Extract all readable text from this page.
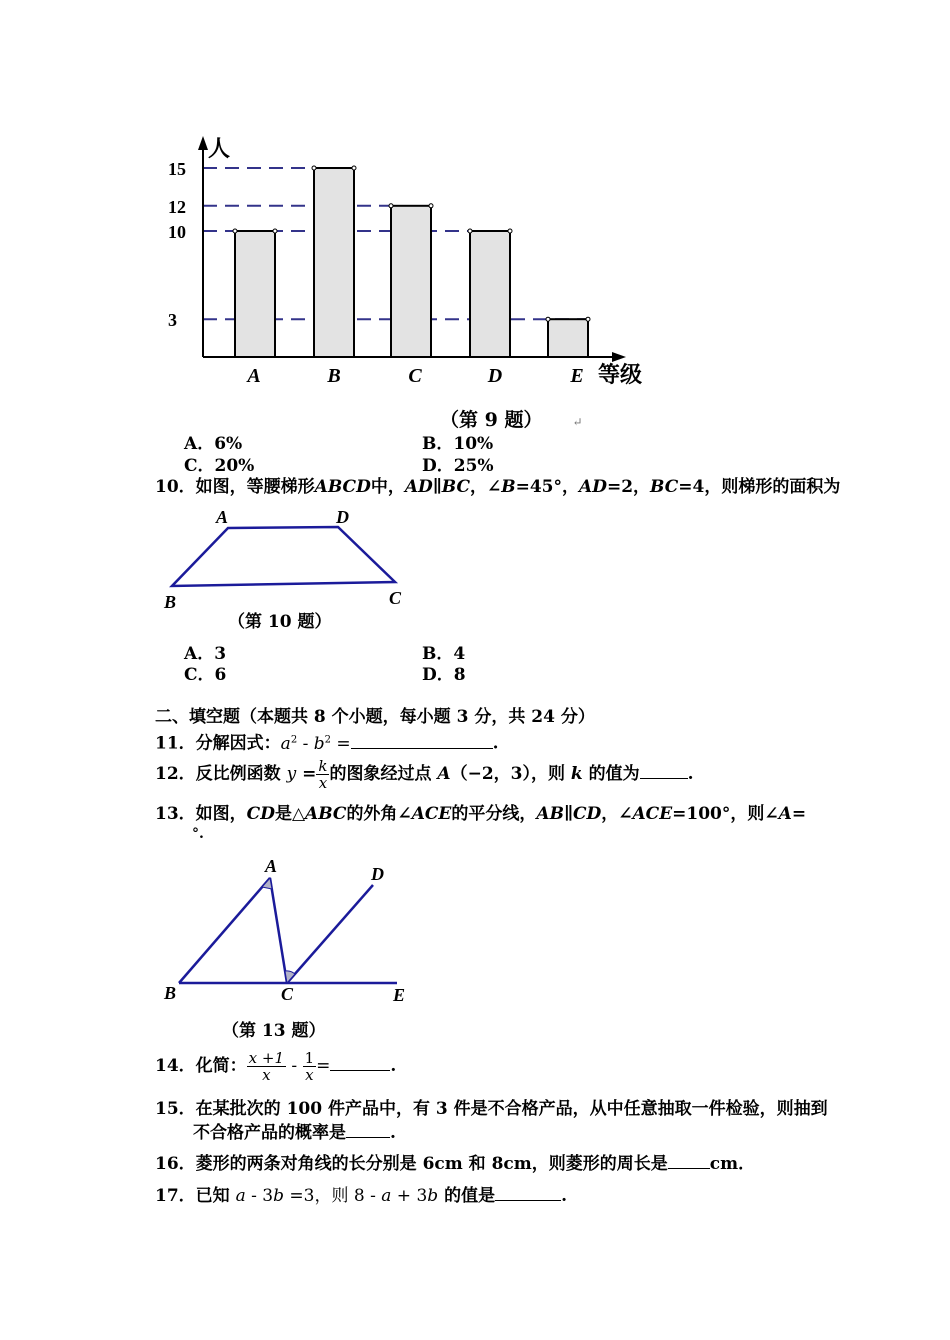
15
12
10
3
人
A	B	C	D	E 等级
（第 9 题）	↵
A．6%	B．10%
C．20%	D．25%
10．如图，等腰梯形ABCD中，AD∥BC，∠B=45°，AD=2，BC=4，则梯形的面积为
A	D
B	C
（第 10 题）
A．3	B．4
C．6	D．8
二、填空题（本题共 8 个小题，每小题 3 分，共 24 分）
11．分解因式：$a^2 - b^2$ =	.
12．反比例函数 $y = \frac{k}{x}$ 的图象经过点 A（−2，3），则 k 的值为	.
13．如图，CD是△ABC的外角∠ACE的平分线，AB∥CD，∠ACE=100°，则∠A=
°.
A
B	C
D
E
（第 13 题）
14．化简： $\frac{x +1}{x} - \frac{1}{x}$ =	.
15．在某批次的 100 件产品中，有 3 件是不合格产品，从中任意抽取一件检验，则抽到
不合格产品的概率是	.
16．菱形的两条对角线的长分别是 6cm 和 8cm，则菱形的周长是 cm．
17．已知 a - 3b =3，则 8 - a + 3b 的值是	.
